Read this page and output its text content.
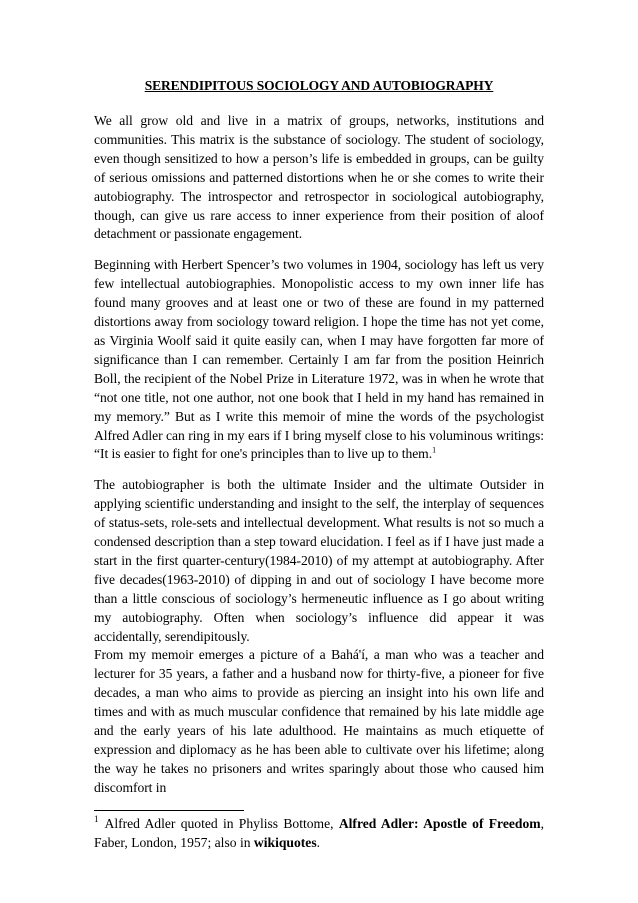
SERENDIPITOUS SOCIOLOGY AND AUTOBIOGRAPHY

We all grow old and live in a matrix of groups, networks, institutions and communities. This matrix is the substance of sociology. The student of sociology, even though sensitized to how a person’s life is embedded in groups, can be guilty of serious omissions and patterned distortions when he or she comes to write their autobiography. The introspector and retrospector in sociological autobiography, though, can give us rare access to inner experience from their position of aloof detachment or passionate engagement.

Beginning with Herbert Spencer’s two volumes in 1904, sociology has left us very few intellectual autobiographies. Monopolistic access to my own inner life has found many grooves and at least one or two of these are found in my patterned distortions away from sociology toward religion. I hope the time has not yet come, as Virginia Woolf said it quite easily can, when I may have forgotten far more of significance than I can remember. Certainly I am far from the position Heinrich Boll, the recipient of the Nobel Prize in Literature 1972, was in when he wrote that “not one title, not one author, not one book that I held in my hand has remained in my memory.” But as I write this memoir of mine the words of the psychologist Alfred Adler can ring in my ears if I bring myself close to his voluminous writings: “It is easier to fight for one's principles than to live up to them.$^1$

The autobiographer is both the ultimate Insider and the ultimate Outsider in applying scientific understanding and insight to the self, the interplay of sequences of status-sets, role-sets and intellectual development. What results is not so much a condensed description than a step toward elucidation. I feel as if I have just made a start in the first quarter-century(1984-2010) of my attempt at autobiography. After five decades(1963-2010) of dipping in and out of sociology I have become more than a little conscious of sociology’s hermeneutic influence as I go about writing my autobiography. Often when sociology’s influence did appear it was accidentally, serendipitously.

From my memoir emerges a picture of a Bahá'í, a man who was a teacher and lecturer for 35 years, a father and a husband now for thirty-five, a pioneer for five decades, a man who aims to provide as piercing an insight into his own life and times and with as much muscular confidence that remained by his late middle age and the early years of his late adulthood. He maintains as much etiquette of expression and diplomacy as he has been able to cultivate over his lifetime; along the way he takes no prisoners and writes sparingly about those who caused him discomfort in

$^1$ Alfred Adler quoted in Phyliss Bottome, Alfred Adler: Apostle of Freedom, Faber, London, 1957; also in wikiquotes.
